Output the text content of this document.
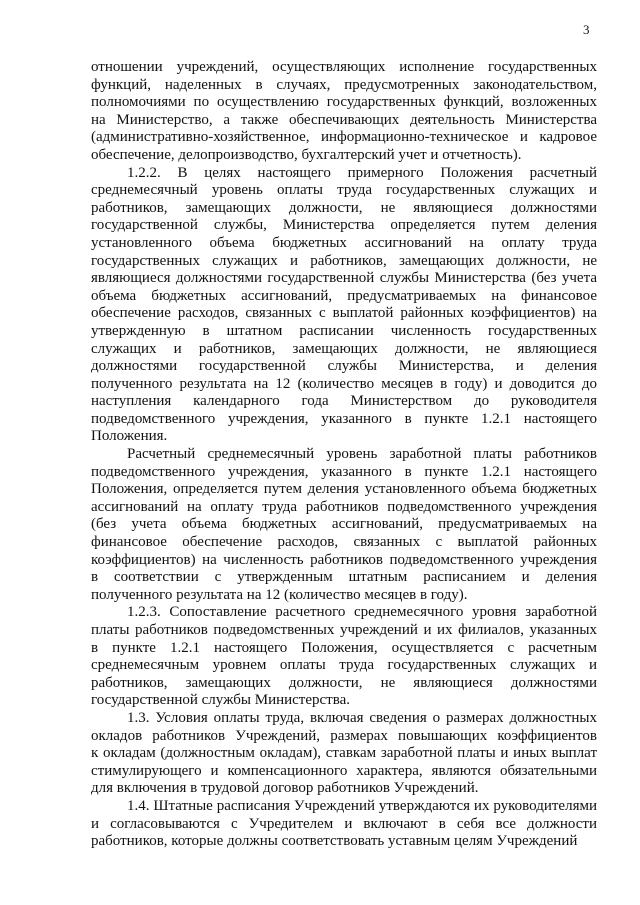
3
отношении учреждений, осуществляющих исполнение государственных
функций, наделенных в случаях, предусмотренных законодательством,
полномочиями по осуществлению государственных функций, возложенных
на Министерство, а также обеспечивающих деятельность Министерства
(административно-хозяйственное, информационно-техническое и кадровое
обеспечение, делопроизводство, бухгалтерский учет и отчетность).
1.2.2. В целях настоящего примерного Положения расчетный
среднемесячный уровень оплаты труда государственных служащих и
работников, замещающих должности, не являющиеся должностями
государственной службы, Министерства определяется путем деления
установленного объема бюджетных ассигнований на оплату труда
государственных служащих и работников, замещающих должности, не
являющиеся должностями государственной службы Министерства (без учета
объема бюджетных ассигнований, предусматриваемых на финансовое
обеспечение расходов, связанных с выплатой районных коэффициентов) на
утвержденную в штатном расписании численность государственных
служащих и работников, замещающих должности, не являющиеся
должностями государственной службы Министерства, и деления
полученного результата на 12 (количество месяцев в году) и доводится до
наступления календарного года Министерством до руководителя
подведомственного учреждения, указанного в пункте 1.2.1 настоящего
Положения.
Расчетный среднемесячный уровень заработной платы работников
подведомственного учреждения, указанного в пункте 1.2.1 настоящего
Положения, определяется путем деления установленного объема бюджетных
ассигнований на оплату труда работников подведомственного учреждения
(без учета объема бюджетных ассигнований, предусматриваемых на
финансовое обеспечение расходов, связанных с выплатой районных
коэффициентов) на численность работников подведомственного учреждения
в соответствии с утвержденным штатным расписанием и деления
полученного результата на 12 (количество месяцев в году).
1.2.3. Сопоставление расчетного среднемесячного уровня заработной
платы работников подведомственных учреждений и их филиалов, указанных
в пункте 1.2.1 настоящего Положения, осуществляется с расчетным
среднемесячным уровнем оплаты труда государственных служащих и
работников, замещающих должности, не являющиеся должностями
государственной службы Министерства.
1.3. Условия оплаты труда, включая сведения о размерах должностных
окладов работников Учреждений, размерах повышающих коэффициентов
к окладам (должностным окладам), ставкам заработной платы и иных выплат
стимулирующего и компенсационного характера, являются обязательными
для включения в трудовой договор работников Учреждений.
1.4. Штатные расписания Учреждений утверждаются их руководителями
и согласовываются с Учредителем и включают в себя все должности
работников, которые должны соответствовать уставным целям Учреждений
